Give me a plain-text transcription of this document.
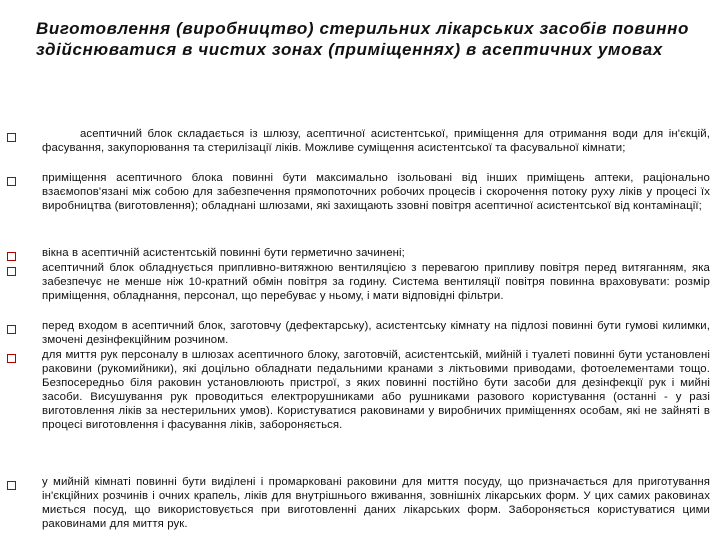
Виготовлення (виробництво) стерильних лікарських засобів повинно здійснюватися в чистих зонах (приміщеннях) в асептичних умовах
асептичний блок складається із шлюзу, асептичної асистентської, приміщення для отримання води для ін'єкцій, фасування, закупорювання та стерилізації ліків. Можливе суміщення асистентської та фасувальної кімнати;
приміщення асептичного блока повинні бути максимально ізольовані від інших приміщень аптеки, раціонально взаємопов'язані між собою для забезпечення прямопоточних робочих процесів і скорочення потоку руху ліків у процесі їх виробництва (виготовлення); обладнані шлюзами, які захищають ззовні повітря асептичної асистентської від контамінації;
вікна в асептичній асистентській повинні бути герметично зачинені;
асептичний блок обладнується припливно-витяжною вентиляцією з перевагою припливу повітря перед витяганням, яка забезпечує не менше ніж 10-кратний обмін повітря за годину. Система вентиляції повітря повинна враховувати: розмір приміщення, обладнання, персонал, що перебуває у ньому, і мати відповідні фільтри.
перед входом в асептичний блок, заготовчу (дефектарську), асистентську кімнату на підлозі повинні бути гумові килимки, змочені дезінфекційним розчином.
для миття рук персоналу в шлюзах асептичного блоку, заготовчій, асистентській, мийній і туалеті повинні бути установлені раковини (рукомийники), які доцільно обладнати педальними кранами з ліктьовими приводами, фотоелементами тощо. Безпосередньо біля раковин установлюють пристрої, з яких повинні постійно бути засоби для дезінфекції рук і мийні засоби. Висушування рук проводиться електрорушниками або рушниками разового користування (останні - у разі виготовлення ліків за нестерильних умов). Користуватися раковинами у виробничих приміщеннях особам, які не зайняті в процесі виготовлення і фасування ліків, забороняється.
у мийній кімнаті повинні бути виділені і промарковані раковини для миття посуду, що призначається для приготування ін'єкційних розчинів і очних крапель, ліків для внутрішнього вживання, зовнішніх лікарських форм. У цих самих раковинах миється посуд, що використовується при виготовленні даних лікарських форм. Забороняється користуватися цими раковинами для миття рук.
